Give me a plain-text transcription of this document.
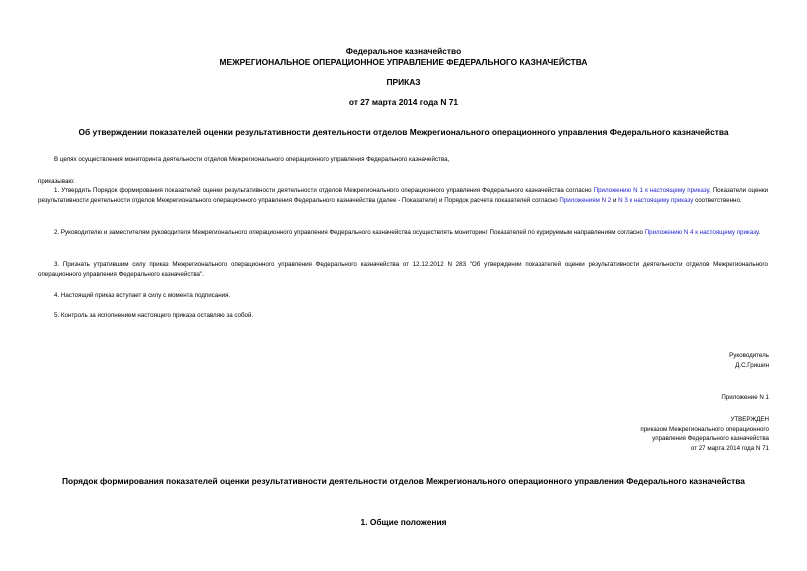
Федеральное казначейство
МЕЖРЕГИОНАЛЬНОЕ ОПЕРАЦИОННОЕ УПРАВЛЕНИЕ ФЕДЕРАЛЬНОГО КАЗНАЧЕЙСТВА
ПРИКАЗ
от 27 марта 2014 года N 71
Об утверждении показателей оценки результативности деятельности отделов Межрегионального операционного управления Федерального казначейства
В целях осуществления мониторинга деятельности отделов Межрегионального операционного управления Федерального казначейства,
приказываю:
1. Утвердить Порядок формирования показателей оценки результативности деятельности отделов Межрегионального операционного управления Федерального казначейства согласно Приложению N 1 к настоящему приказу, Показатели оценки результативности деятельности отделов Межрегионального операционного управления Федерального казначейства (далее - Показатели) и Порядок расчета показателей согласно Приложениям N 2 и N 3 к настоящему приказу соответственно.
2. Руководителю и заместителям руководителя Межрегионального операционного управления Федерального казначейства осуществлять мониторинг Показателей по курируемым направлениям согласно Приложению N 4 к настоящему приказу.
3. Признать утратившим силу приказ Межрегионального операционного управления Федерального казначейства от 12.12.2012 N 283 "Об утверждении показателей оценки результативности деятельности отделов Межрегионального операционного управления Федерального казначейства".
4. Настоящий приказ вступает в силу с момента подписания.
5. Контроль за исполнением настоящего приказа оставляю за собой.
Руководитель
Д.С.Гришин
Приложение N 1
УТВЕРЖДЕН
приказом Межрегионального операционного
управления Федерального казначейства
от 27 марта 2014 года N 71
Порядок формирования показателей оценки результативности деятельности отделов Межрегионального операционного управления Федерального казначейства
1. Общие положения
